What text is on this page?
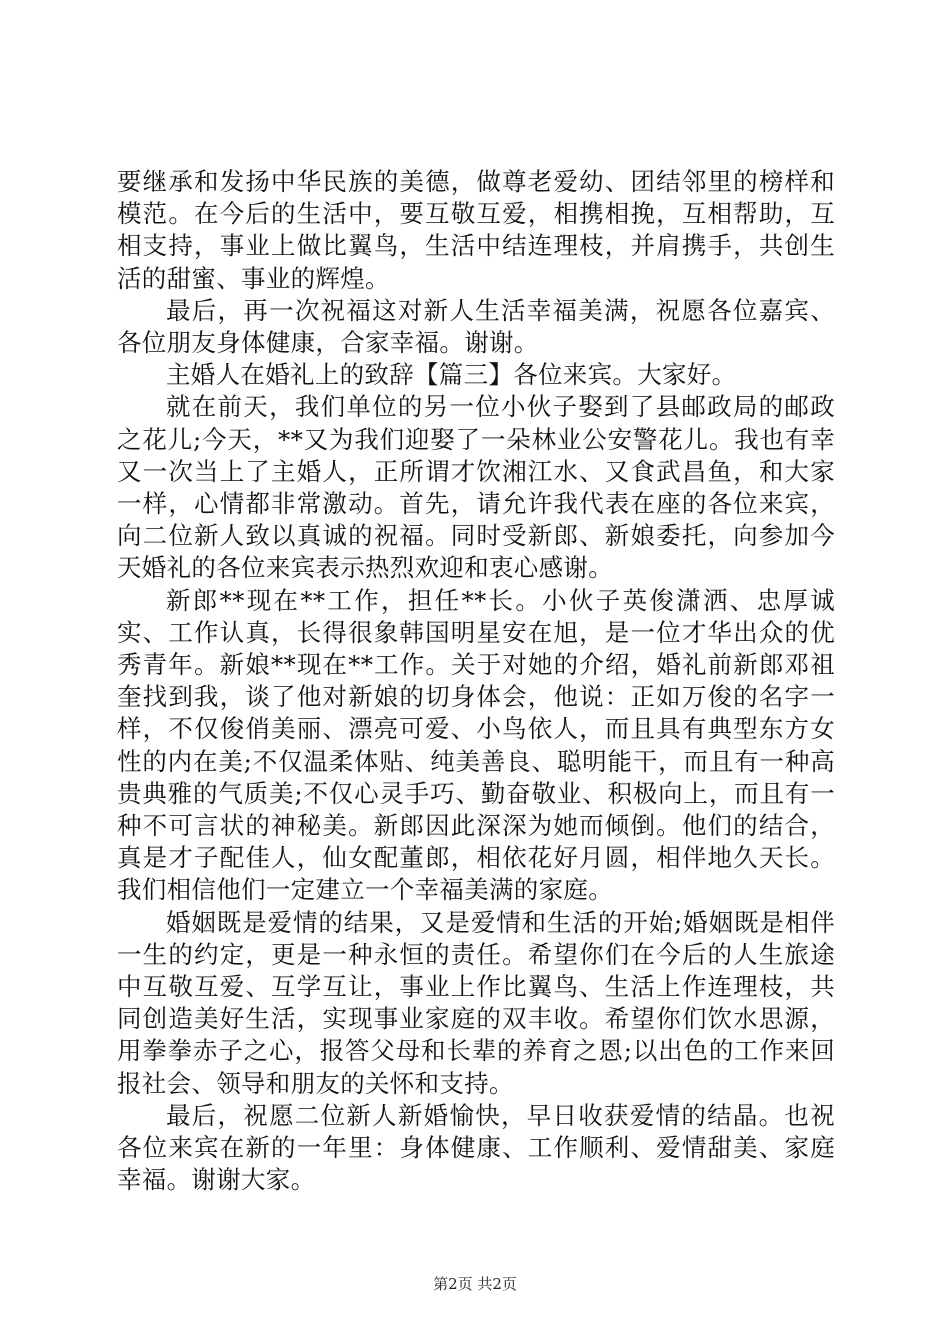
要继承和发扬中华民族的美德，做尊老爱幼、团结邻里的榜样和模范。在今后的生活中，要互敬互爱，相携相挽，互相帮助，互相支持，事业上做比翼鸟，生活中结连理枝，并肩携手，共创生活的甜蜜、事业的辉煌。

最后，再一次祝福这对新人生活幸福美满，祝愿各位嘉宾、各位朋友身体健康，合家幸福。谢谢。

主婚人在婚礼上的致辞【篇三】各位来宾。大家好。

就在前天，我们单位的另一位小伙子娶到了县邮政局的邮政之花儿;今天，**又为我们迎娶了一朵林业公安警花儿。我也有幸又一次当上了主婚人，正所谓才饮湘江水、又食武昌鱼，和大家一样，心情都非常激动。首先，请允许我代表在座的各位来宾，向二位新人致以真诚的祝福。同时受新郎、新娘委托，向参加今天婚礼的各位来宾表示热烈欢迎和衷心感谢。

新郎**现在**工作，担任**长。小伙子英俊潇洒、忠厚诚实、工作认真，长得很象韩国明星安在旭，是一位才华出众的优秀青年。新娘**现在**工作。关于对她的介绍，婚礼前新郎邓祖奎找到我，谈了他对新娘的切身体会，他说：正如万俊的名字一样，不仅俊俏美丽、漂亮可爱、小鸟依人，而且具有典型东方女性的内在美;不仅温柔体贴、纯美善良、聪明能干，而且有一种高贵典雅的气质美;不仅心灵手巧、勤奋敬业、积极向上，而且有一种不可言状的神秘美。新郎因此深深为她而倾倒。他们的结合，真是才子配佳人，仙女配董郎，相依花好月圆，相伴地久天长。我们相信他们一定建立一个幸福美满的家庭。

婚姻既是爱情的结果，又是爱情和生活的开始;婚姻既是相伴一生的约定，更是一种永恒的责任。希望你们在今后的人生旅途中互敬互爱、互学互让，事业上作比翼鸟、生活上作连理枝，共同创造美好生活，实现事业家庭的双丰收。希望你们饮水思源，用拳拳赤子之心，报答父母和长辈的养育之恩;以出色的工作来回报社会、领导和朋友的关怀和支持。

最后，祝愿二位新人新婚愉快，早日收获爱情的结晶。也祝各位来宾在新的一年里：身体健康、工作顺利、爱情甜美、家庭幸福。谢谢大家。

第2页 共2页
